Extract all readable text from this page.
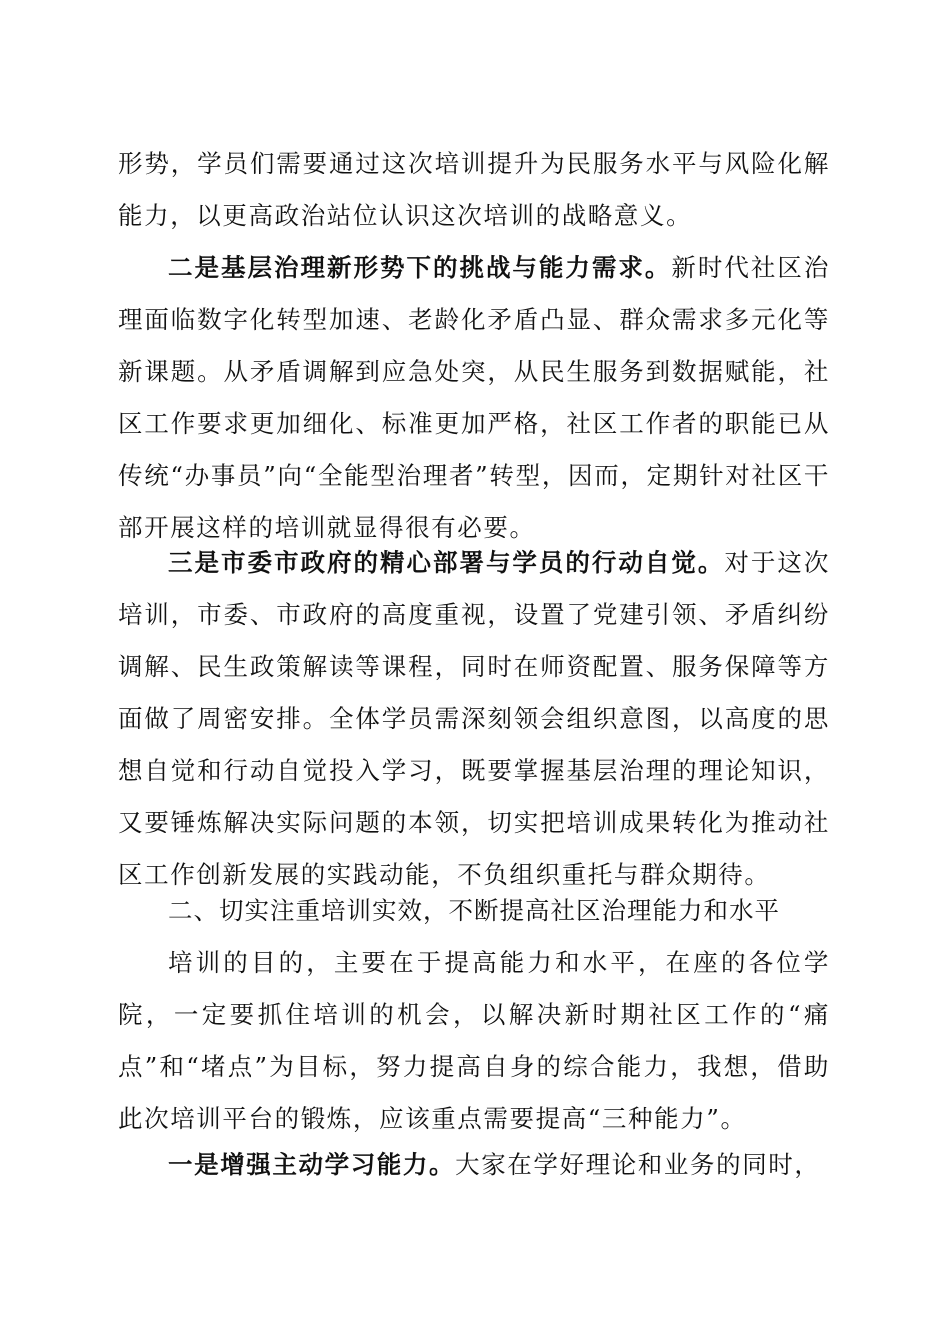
形势，学员们需要通过这次培训提升为民服务水平与风险化解能力，以更高政治站位认识这次培训的战略意义。

二是基层治理新形势下的挑战与能力需求。新时代社区治理面临数字化转型加速、老龄化矛盾凸显、群众需求多元化等新课题。从矛盾调解到应急处突，从民生服务到数据赋能，社区工作要求更加细化、标准更加严格，社区工作者的职能已从传统“办事员”向“全能型治理者”转型，因而，定期针对社区干部开展这样的培训就显得很有必要。

三是市委市政府的精心部署与学员的行动自觉。对于这次培训，市委、市政府的高度重视，设置了党建引领、矛盾纠纷调解、民生政策解读等课程，同时在师资配置、服务保障等方面做了周密安排。全体学员需深刻领会组织意图，以高度的思想自觉和行动自觉投入学习，既要掌握基层治理的理论知识，又要锤炼解决实际问题的本领，切实把培训成果转化为推动社区工作创新发展的实践动能，不负组织重托与群众期待。

二、切实注重培训实效，不断提高社区治理能力和水平

培训的目的，主要在于提高能力和水平，在座的各位学院，一定要抓住培训的机会，以解决新时期社区工作的“痛点”和“堵点”为目标，努力提高自身的综合能力，我想，借助此次培训平台的锻炼，应该重点需要提高“三种能力”。

一是增强主动学习能力。大家在学好理论和业务的同时，
